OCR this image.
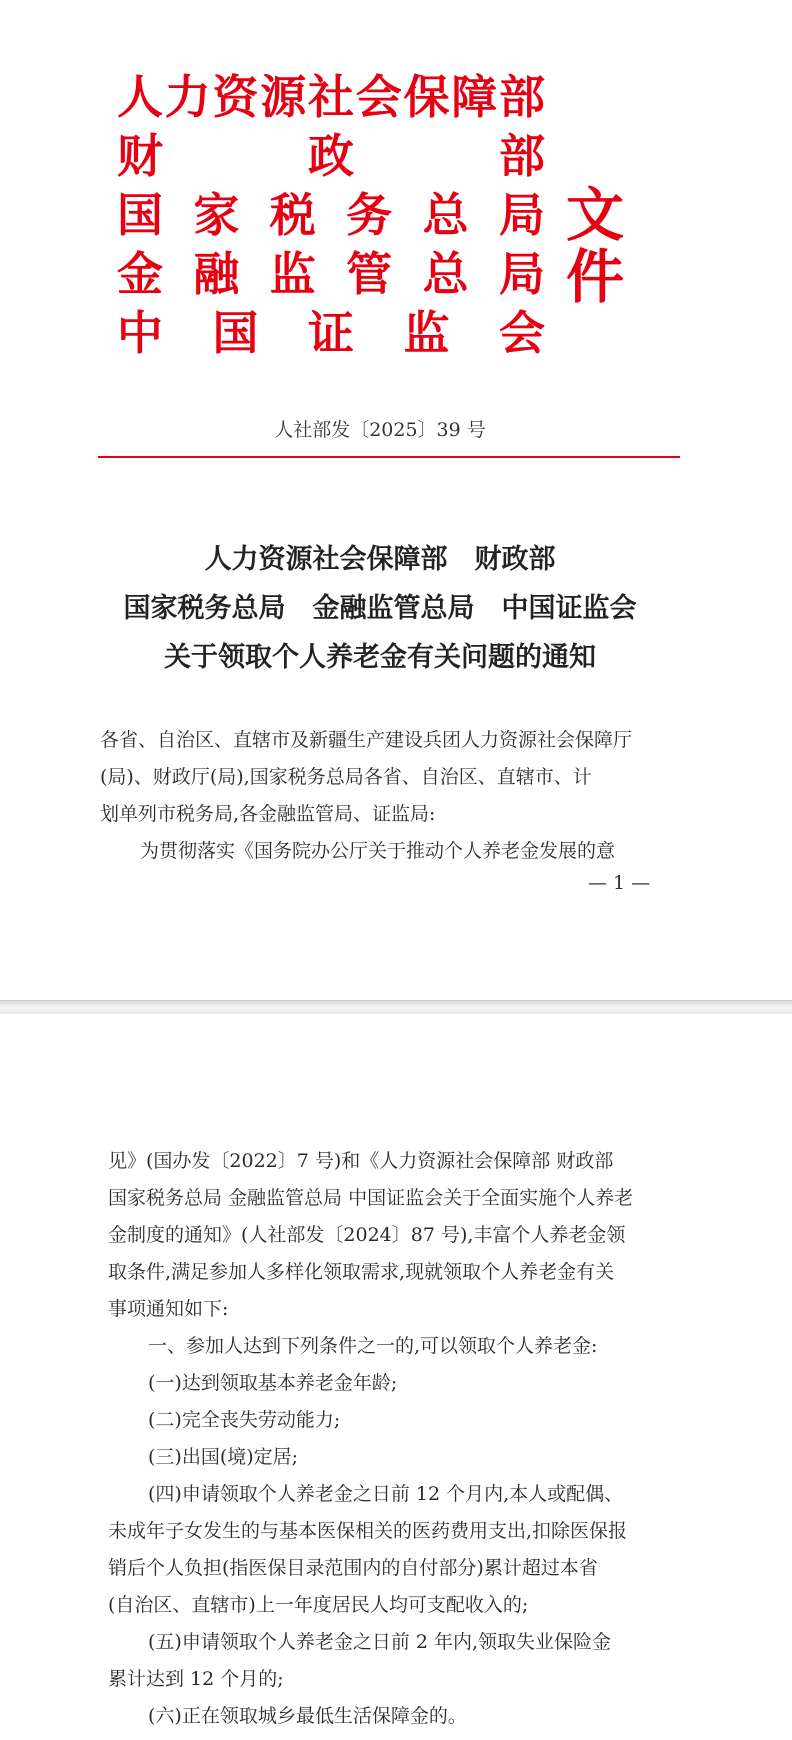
人 力 资 源 社 会 保 障 部
财	政	部
国 家 税 务 总 局
金 融 监 管 总 局
中 国 证 监 会
文件
人社部发〔2025〕39 号
人力资源社会保障部　财政部
国家税务总局　金融监管总局　中国证监会
关于领取个人养老金有关问题的通知
各省、自治区、直辖市及新疆生产建设兵团人力资源社会保障厅
(局)、财政厅(局),国家税务总局各省、自治区、直辖市、计
划单列市税务局,各金融监管局、证监局:
为贯彻落实《国务院办公厅关于推动个人养老金发展的意
— 1 —
见》(国办发〔2022〕7 号)和《人力资源社会保障部 财政部
国家税务总局 金融监管总局 中国证监会关于全面实施个人养老
金制度的通知》(人社部发〔2024〕87 号),丰富个人养老金领
取条件,满足参加人多样化领取需求,现就领取个人养老金有关
事项通知如下:
一、参加人达到下列条件之一的,可以领取个人养老金:
(一)达到领取基本养老金年龄;
(二)完全丧失劳动能力;
(三)出国(境)定居;
(四)申请领取个人养老金之日前 12 个月内,本人或配偶、
未成年子女发生的与基本医保相关的医药费用支出,扣除医保报
销后个人负担(指医保目录范围内的自付部分)累计超过本省
(自治区、直辖市)上一年度居民人均可支配收入的;
(五)申请领取个人养老金之日前 2 年内,领取失业保险金
累计达到 12 个月的;
(六)正在领取城乡最低生活保障金的。
